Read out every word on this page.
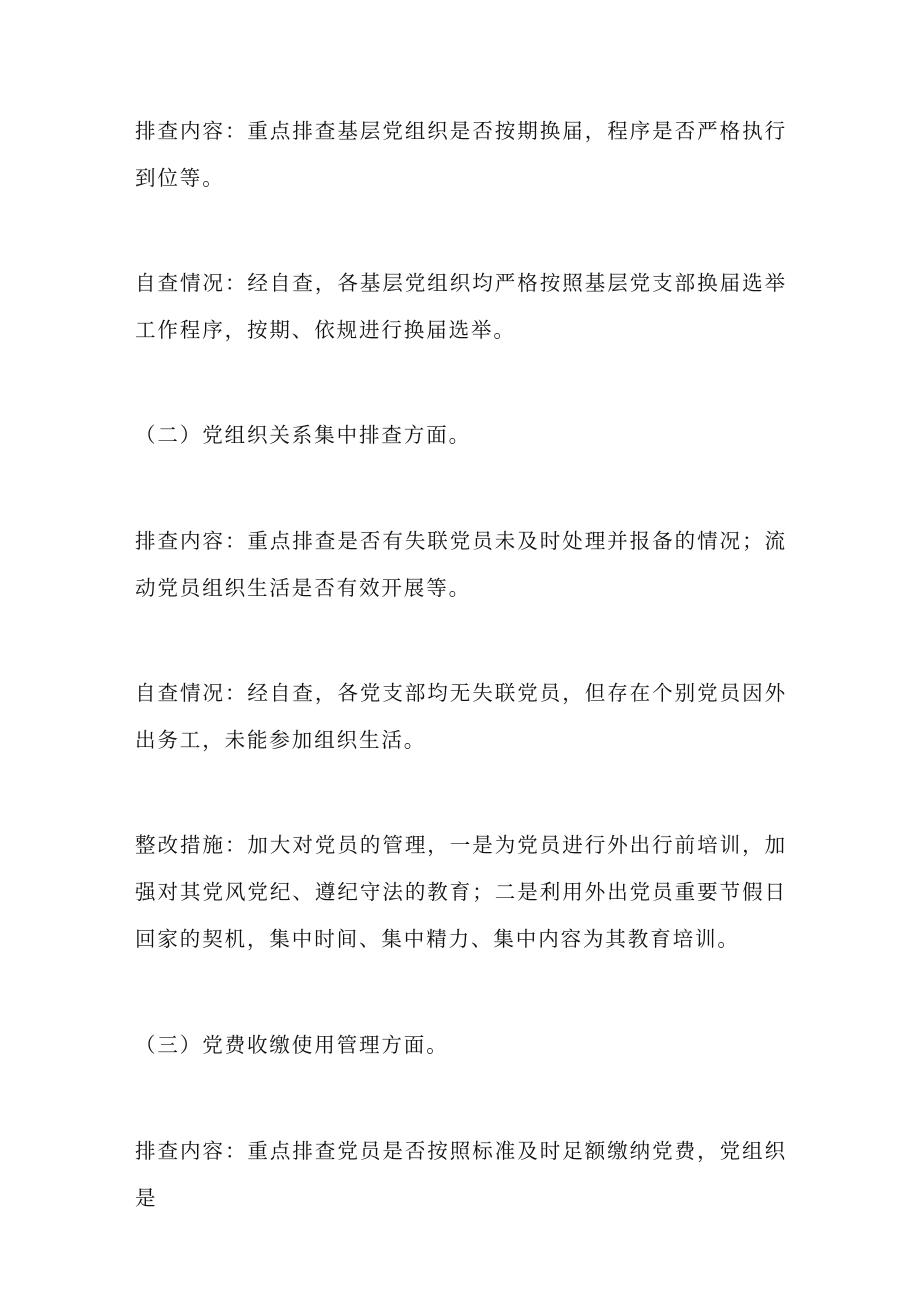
排查内容：重点排查基层党组织是否按期换届，程序是否严格执行到位等。

自查情况：经自查，各基层党组织均严格按照基层党支部换届选举工作程序，按期、依规进行换届选举。

（二）党组织关系集中排查方面。

排查内容：重点排查是否有失联党员未及时处理并报备的情况；流动党员组织生活是否有效开展等。

自查情况：经自查，各党支部均无失联党员，但存在个别党员因外出务工，未能参加组织生活。

整改措施：加大对党员的管理，一是为党员进行外出行前培训，加强对其党风党纪、遵纪守法的教育；二是利用外出党员重要节假日回家的契机，集中时间、集中精力、集中内容为其教育培训。

（三）党费收缴使用管理方面。

排查内容：重点排查党员是否按照标准及时足额缴纳党费，党组织是
